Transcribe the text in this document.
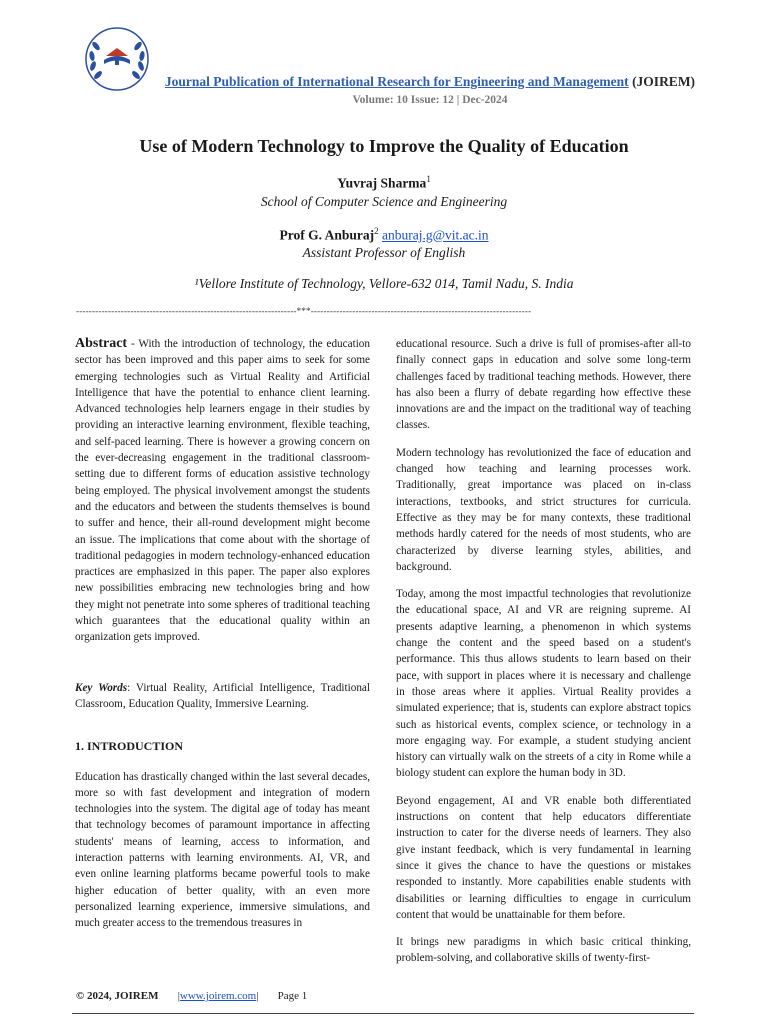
Journal Publication of International Research for Engineering and Management (JOIREM)
Volume: 10 Issue: 12 | Dec-2024
Use of Modern Technology to Improve the Quality of Education
Yuvraj Sharma$^1$
School of Computer Science and Engineering
Prof G. Anburaj$^2$ anburaj.g@vit.ac.in
Assistant Professor of English
¹Vellore Institute of Technology, Vellore-632 014, Tamil Nadu, S. India
---------------------------------------------------------------------***---------------------------------------------------------------------

Abstract - With the introduction of technology, the education sector has been improved and this paper aims to seek for some emerging technologies such as Virtual Reality and Artificial Intelligence that have the potential to enhance client learning. Advanced technologies help learners engage in their studies by providing an interactive learning environment, flexible teaching, and self-paced learning. There is however a growing concern on the ever-decreasing engagement in the traditional classroom-setting due to different forms of education assistive technology being employed. The physical involvement amongst the students and the educators and between the students themselves is bound to suffer and hence, their all-round development might become an issue. The implications that come about with the shortage of traditional pedagogies in modern technology-enhanced education practices are emphasized in this paper. The paper also explores new possibilities embracing new technologies bring and how they might not penetrate into some spheres of traditional teaching which guarantees that the educational quality within an organization gets improved.

Key Words: Virtual Reality, Artificial Intelligence, Traditional Classroom, Education Quality, Immersive Learning.

1. INTRODUCTION

Education has drastically changed within the last several decades, more so with fast development and integration of modern technologies into the system. The digital age of today has meant that technology becomes of paramount importance in affecting students' means of learning, access to information, and interaction patterns with learning environments. AI, VR, and even online learning platforms became powerful tools to make higher education of better quality, with an even more personalized learning experience, immersive simulations, and much greater access to the tremendous treasures in

educational resource. Such a drive is full of promises-after all-to finally connect gaps in education and solve some long-term challenges faced by traditional teaching methods. However, there has also been a flurry of debate regarding how effective these innovations are and the impact on the traditional way of teaching classes.

Modern technology has revolutionized the face of education and changed how teaching and learning processes work. Traditionally, great importance was placed on in-class interactions, textbooks, and strict structures for curricula. Effective as they may be for many contexts, these traditional methods hardly catered for the needs of most students, who are characterized by diverse learning styles, abilities, and background.

Today, among the most impactful technologies that revolutionize the educational space, AI and VR are reigning supreme. AI presents adaptive learning, a phenomenon in which systems change the content and the speed based on a student's performance. This thus allows students to learn based on their pace, with support in places where it is necessary and challenge in those areas where it applies. Virtual Reality provides a simulated experience; that is, students can explore abstract topics such as historical events, complex science, or technology in a more engaging way. For example, a student studying ancient history can virtually walk on the streets of a city in Rome while a biology student can explore the human body in 3D.

Beyond engagement, AI and VR enable both differentiated instructions on content that help educators differentiate instruction to cater for the diverse needs of learners. They also give instant feedback, which is very fundamental in learning since it gives the chance to have the questions or mistakes responded to instantly. More capabilities enable students with disabilities or learning difficulties to engage in curriculum content that would be unattainable for them before.

It brings new paradigms in which basic critical thinking, problem-solving, and collaborative skills of twenty-first-

© 2024, JOIREM |www.joirem.com| Page 1
